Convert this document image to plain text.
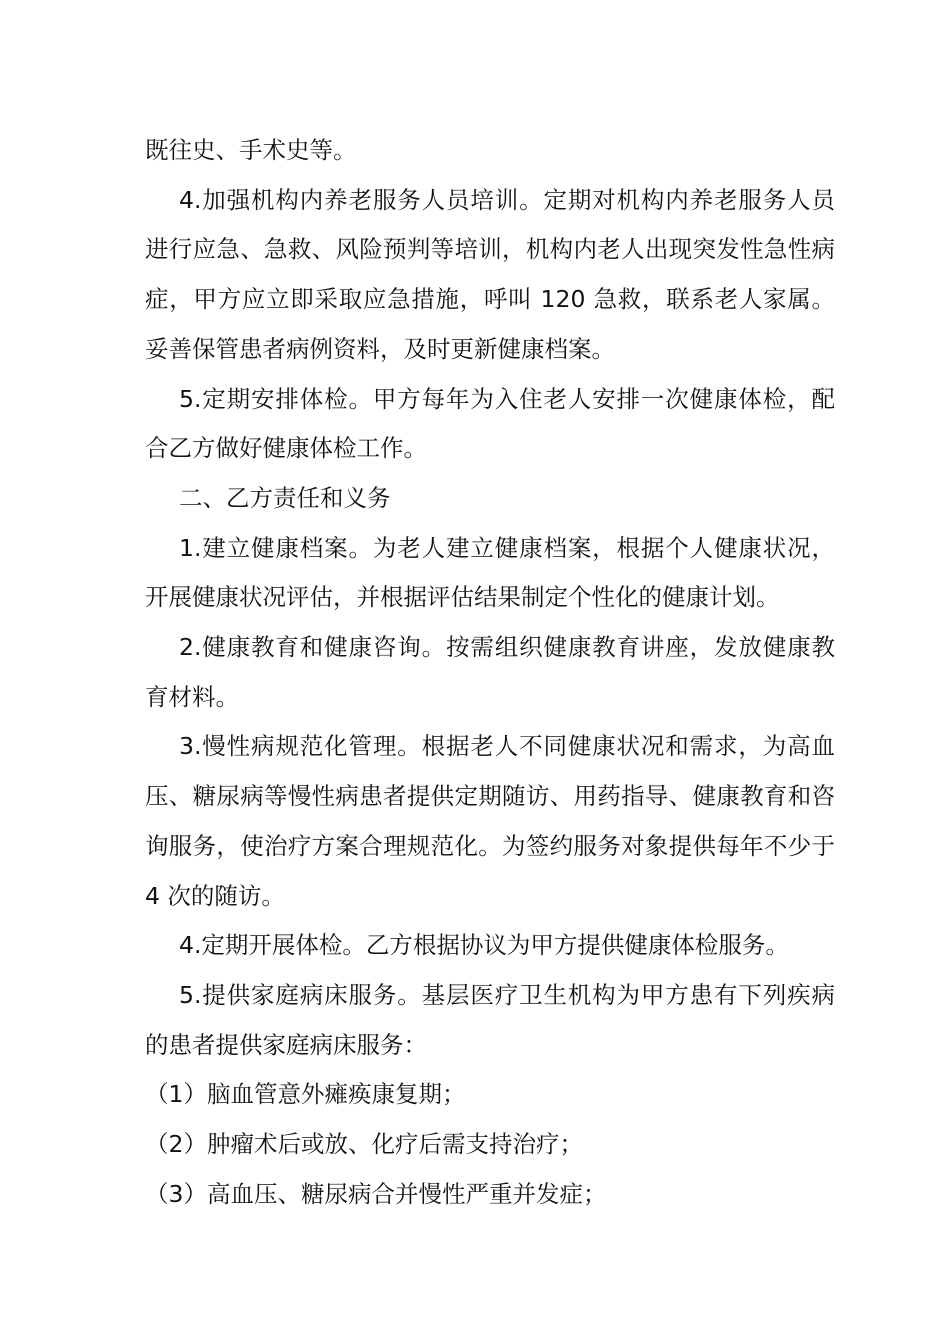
既往史、手术史等。

4.加强机构内养老服务人员培训。定期对机构内养老服务人员进行应急、急救、风险预判等培训，机构内老人出现突发性急性病症，甲方应立即采取应急措施，呼叫 120 急救，联系老人家属。妥善保管患者病例资料，及时更新健康档案。

5.定期安排体检。甲方每年为入住老人安排一次健康体检，配合乙方做好健康体检工作。

二、乙方责任和义务

1.建立健康档案。为老人建立健康档案，根据个人健康状况，开展健康状况评估，并根据评估结果制定个性化的健康计划。

2.健康教育和健康咨询。按需组织健康教育讲座，发放健康教育材料。

3.慢性病规范化管理。根据老人不同健康状况和需求，为高血压、糖尿病等慢性病患者提供定期随访、用药指导、健康教育和咨询服务，使治疗方案合理规范化。为签约服务对象提供每年不少于 4 次的随访。

4.定期开展体检。乙方根据协议为甲方提供健康体检服务。

5.提供家庭病床服务。基层医疗卫生机构为甲方患有下列疾病的患者提供家庭病床服务：

（1）脑血管意外瘫痪康复期；

（2）肿瘤术后或放、化疗后需支持治疗；

（3）高血压、糖尿病合并慢性严重并发症；
